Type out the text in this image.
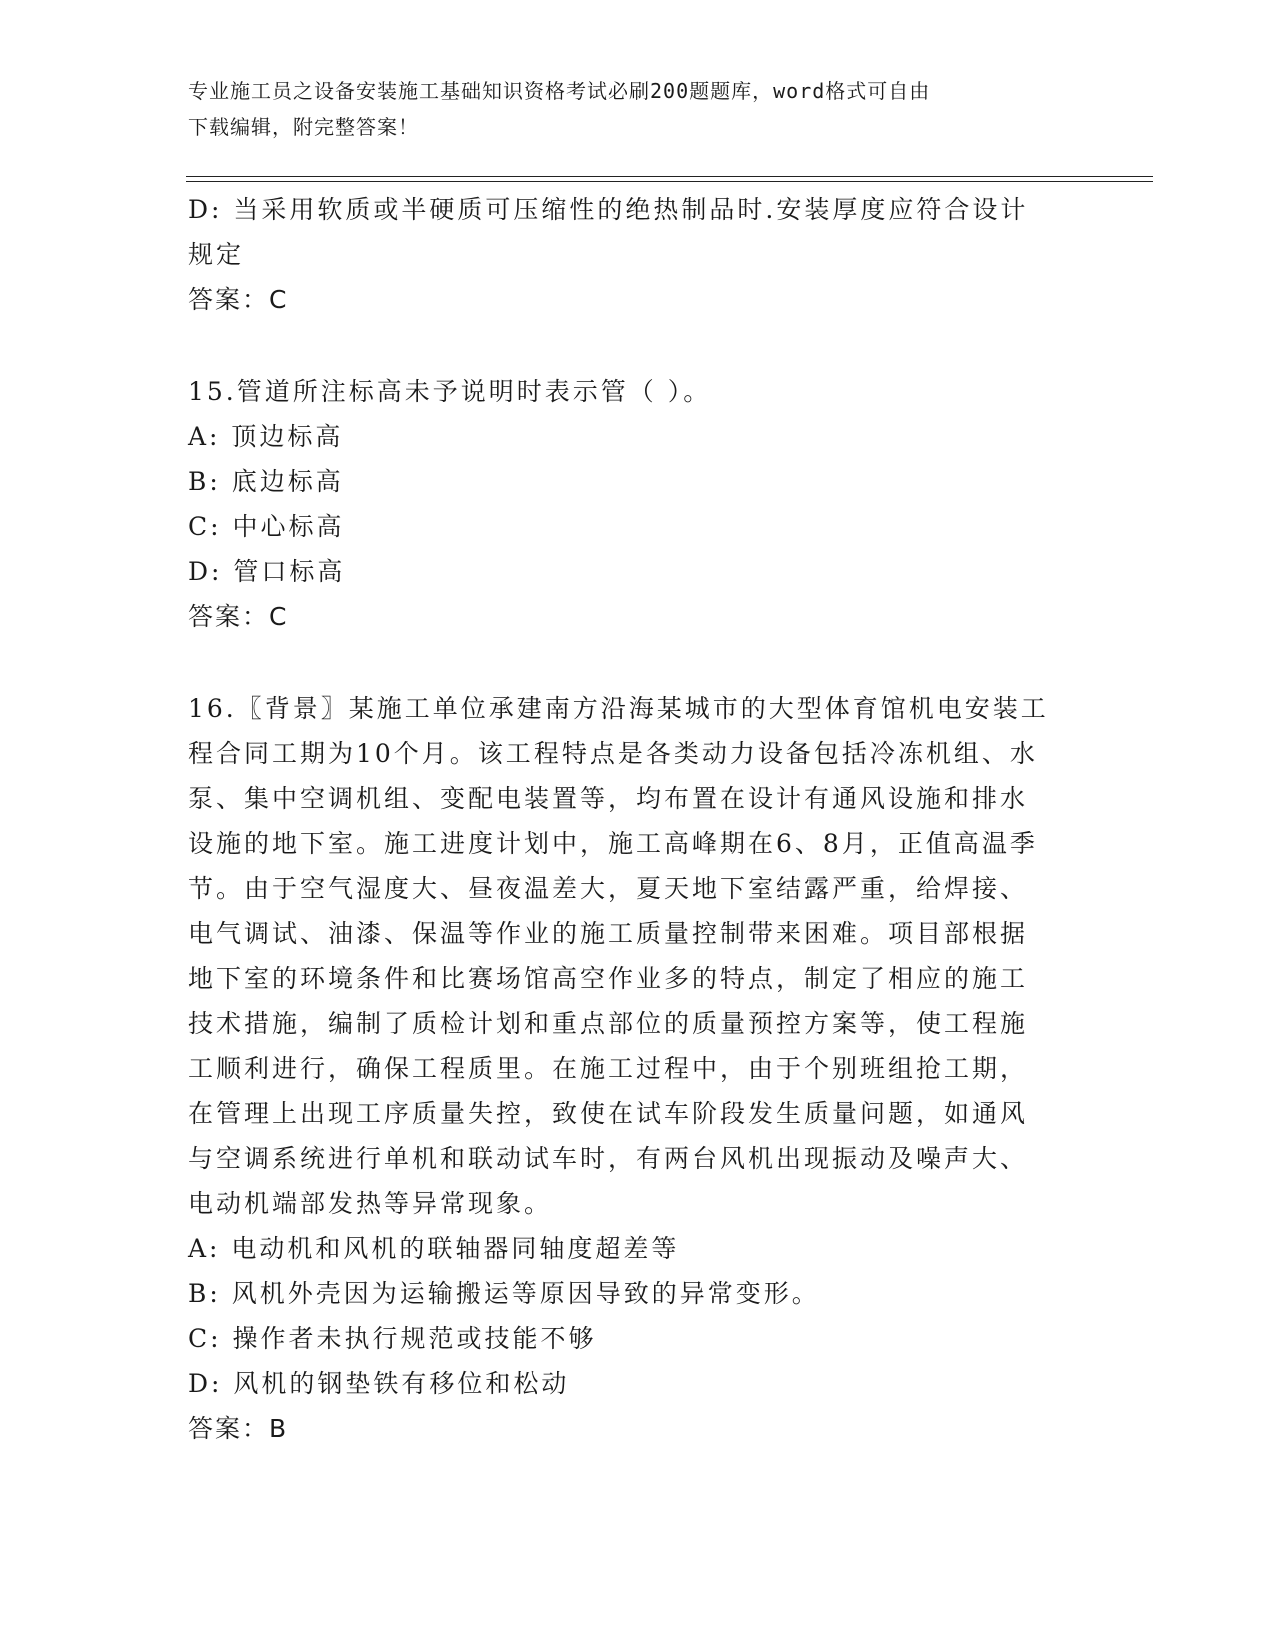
专业施工员之设备安装施工基础知识资格考试必刷200题题库，word格式可自由
下载编辑，附完整答案！
D: 当采用软质或半硬质可压缩性的绝热制品时.安装厚度应符合设计
规定
答案：C
15.管道所注标高未予说明时表示管（ ）。
A: 顶边标高
B: 底边标高
C: 中心标高
D: 管口标高
答案：C
16.〖背景〗某施工单位承建南方沿海某城市的大型体育馆机电安装工
程合同工期为10个月。该工程特点是各类动力设备包括冷冻机组、水
泵、集中空调机组、变配电装置等，均布置在设计有通风设施和排水
设施的地下室。施工进度计划中，施工高峰期在6、8月，正值高温季
节。由于空气湿度大、昼夜温差大，夏天地下室结露严重，给焊接、
电气调试、油漆、保温等作业的施工质量控制带来困难。项目部根据
地下室的环境条件和比赛场馆高空作业多的特点，制定了相应的施工
技术措施，编制了质检计划和重点部位的质量预控方案等，使工程施
工顺利进行，确保工程质里。在施工过程中，由于个别班组抢工期，
在管理上出现工序质量失控，致使在试车阶段发生质量问题，如通风
与空调系统进行单机和联动试车时，有两台风机出现振动及噪声大、
电动机端部发热等异常现象。
A: 电动机和风机的联轴器同轴度超差等
B: 风机外壳因为运输搬运等原因导致的异常变形。
C: 操作者未执行规范或技能不够
D: 风机的钢垫铁有移位和松动
答案：B
